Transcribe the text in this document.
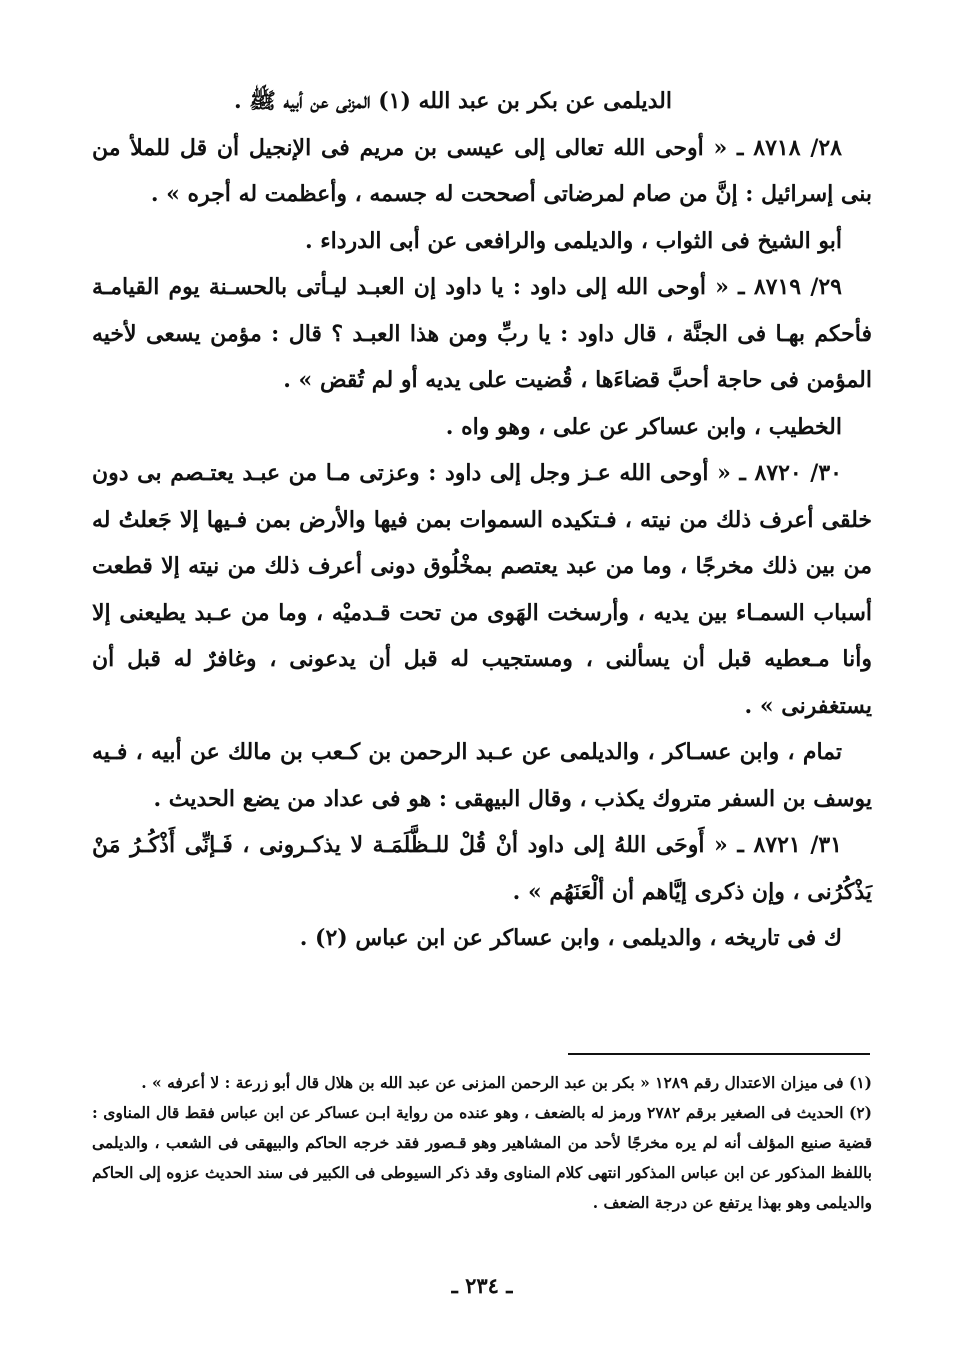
الديلمى عن بكر بن عبد الله (١) المزنى عن أبيه ﷺ .

٢٨/ ٨٧١٨ ـ « أوحى الله تعالى إلى عيسى بن مريم فى الإنجيل أن قل للملأ من بنى إسرائيل : إنَّ من صام لمرضاتى أصححت له جسمه ، وأعظمت له أجره » .

أبو الشيخ فى الثواب ، والديلمى والرافعى عن أبى الدرداء .

٢٩/ ٨٧١٩ ـ « أوحى الله إلى داود : يا داود إن العبـد ليـأتى بالحسـنة يوم القيامـة فأحكم بهـا فى الجنَّة ، قال داود : يا ربِّ ومن هذا العبـد ؟ قال : مؤمن يسعى لأخيه المؤمن فى حاجة أحبَّ قضاءَها ، قُضيت على يديه أو لم تُقض » .

الخطيب ، وابن عساكر عن على ، وهو واه .

٣٠/ ٨٧٢٠ ـ « أوحى الله عـز وجل إلى داود : وعزتى مـا من عبـد يعتـصم بى دون خلقى أعرف ذلك من نيته ، فـتكيده السموات بمن فيها والأرض بمن فـيها إلا جَعلتُ له من بين ذلك مخرجًا ، وما من عبد يعتصم بمخْلُوق دونى أعرف ذلك من نيته إلا قطعت أسباب السمـاء بين يديه ، وأرسخت الهَوى من تحت قـدميْه ، وما من عـبد يطيعنى إلا وأنا مـعطيه قبل أن يسألنى ، ومستجيب له قبل أن يدعونى ، وغافرٌ له قبل أن يستغفرنى » .

تمام ، وابن عسـاكر ، والديلمى عن عـبد الرحمن بن كـعب بن مالك عن أبيه ، فـيه يوسف بن السفر متروك يكذب ، وقال البيهقى : هو فى عداد من يضع الحديث .

٣١/ ٨٧٢١ ـ « أَوحَى اللهُ إلى داود أنْ قُلْ للـظَّلَمَـة لا يذكـرونى ، فَـإنِّى أَذْكُـرُ مَنْ يَذْكُرُنى ، وإن ذكرى إيَّاهم أن ألْعَنَهُم » .

ك فى تاريخه ، والديلمى ، وابن عساكر عن ابن عباس (٢) .

(١) فى ميزان الاعتدال رقم ١٢٨٩ « بكر بن عبد الرحمن المزنى عن عبد الله بن هلال قال أبو زرعة : لا أعرفه » .

(٢) الحديث فى الصغير برقم ٢٧٨٢ ورمز له بالضعف ، وهو عنده من رواية ابـن عساكر عن ابن عباس فقط قال المناوى : قضية صنيع المؤلف أنه لم يره مخرجًا لأحد من المشاهير وهو قـصور فقد خرجه الحاكم والبيهقى فى الشعب ، والديلمى باللفظ المذكور عن ابن عباس المذكور انتهى كلام المناوى وقد ذكر السيوطى فى الكبير فى سند الحديث عزوه إلى الحاكم والديلمى وهو بهذا يرتفع عن درجة الضعف .

ـ ٢٣٤ ـ
